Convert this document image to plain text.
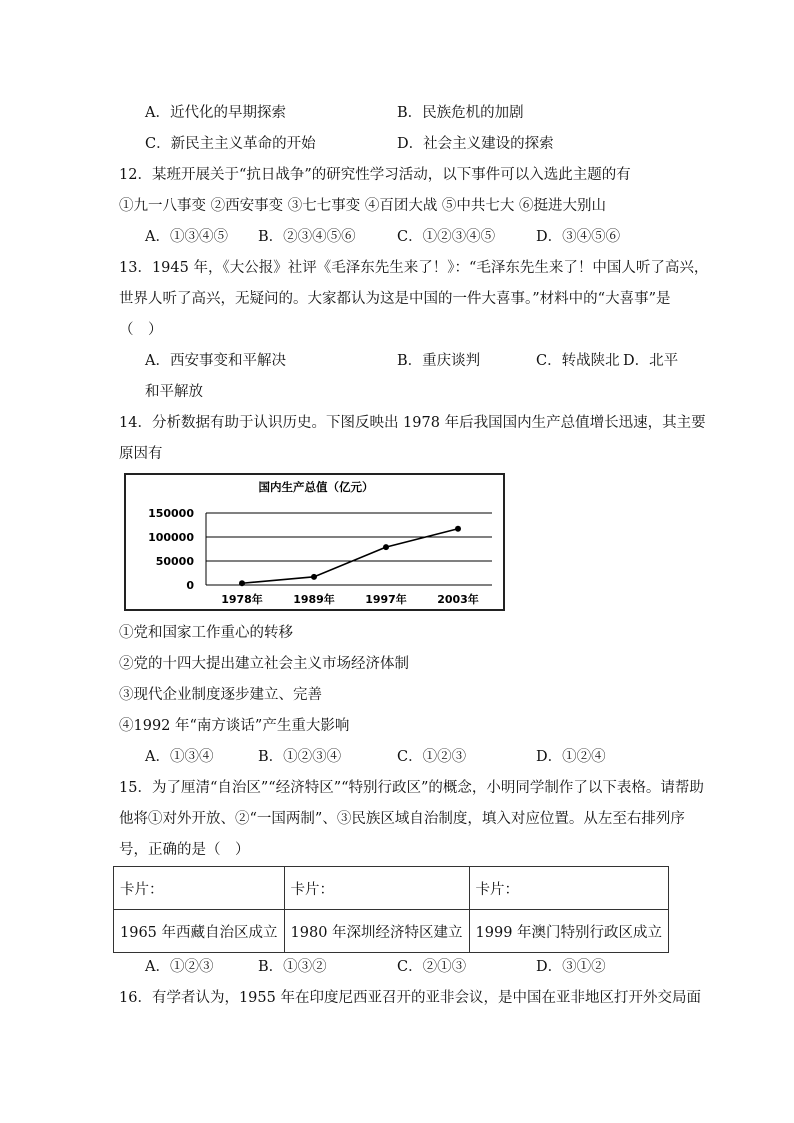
A．近代化的早期探索	B．民族危机的加剧
C．新民主主义革命的开始	D．社会主义建设的探索
12．某班开展关于“抗日战争”的研究性学习活动，以下事件可以入选此主题的有
①九一八事变 ②西安事变 ③七七事变 ④百团大战 ⑤中共七大 ⑥挺进大别山
A．①③④⑤ B．②③④⑤⑥	C．①②③④⑤	D．③④⑤⑥
13．1945 年，《大公报》社评《毛泽东先生来了！》：“毛泽东先生来了！中国人听了高兴，
世界人听了高兴，无疑问的。大家都认为这是中国的一件大喜事。”材料中的“大喜事”是
（　）
A．西安事变和平解决	B．重庆谈判	C．转战陕北 D．北平
和平解放
14．分析数据有助于认识历史。下图反映出 1978 年后我国国内生产总值增长迅速，其主要
原因有
国内生产总值（亿元）
0
50000
100000
150000
1978年	1989年	1997年	2003年
①党和国家工作重心的转移
②党的十四大提出建立社会主义市场经济体制
③现代企业制度逐步建立、完善
④1992 年“南方谈话”产生重大影响
A．①③④	B．①②③④	C．①②③	D．①②④
15．为了厘清“自治区”“经济特区”“特别行政区”的概念，小明同学制作了以下表格。请帮助
他将①对外开放、②“一国两制”、③民族区域自治制度，填入对应位置。从左至右排列序
号，正确的是（　）
卡片：	卡片：	卡片：
1965 年西藏自治区成立	1980 年深圳经济特区建立	1999 年澳门特别行政区成立
A．①②③	B．①③②	C．②①③	D．③①②
16．有学者认为，1955 年在印度尼西亚召开的亚非会议，是中国在亚非地区打开外交局面
